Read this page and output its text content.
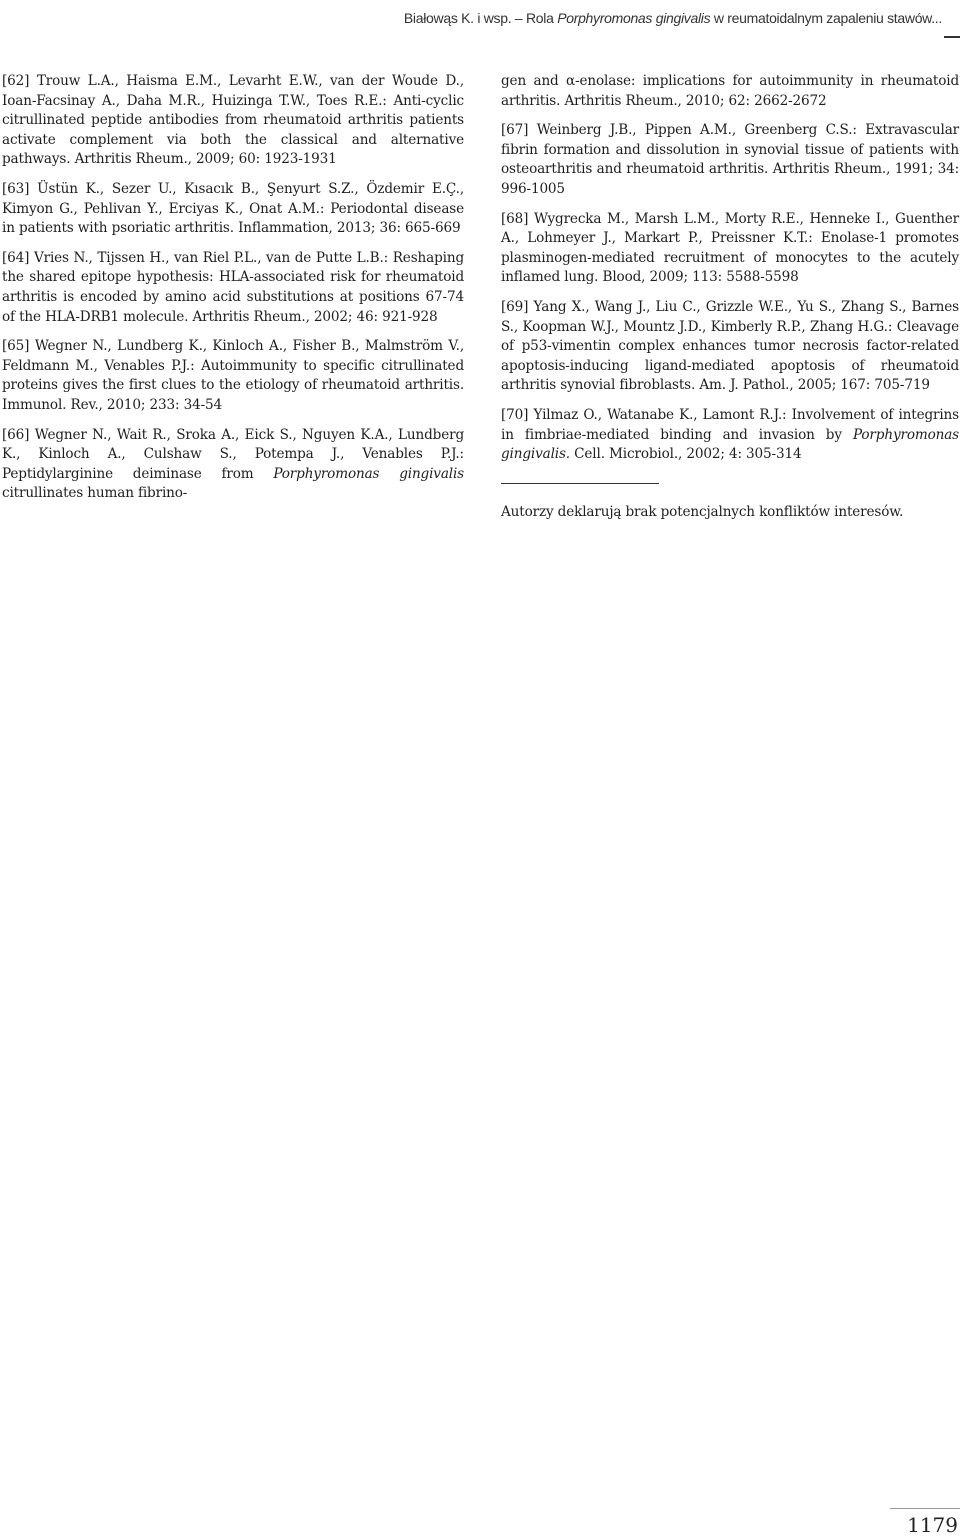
Białowąs K. i wsp.
–
Rola
Porphyromonas gingivalis
w reumatoidalnym zapaleniu stawów...

[62] Trouw L.A., Haisma E.M., Levarht E.W., van der Woude D., Ioan-Facsinay A., Daha M.R., Huizinga T.W., Toes R.E.: Anti-cyclic citrullinated peptide antibodies from rheumatoid arthritis patients activate complement via both the classical and alternative pathways. Arthritis Rheum., 2009; 60: 1923-1931

[63] Üstün K., Sezer U., Kısacık B., Şenyurt S.Z., Özdemir E.Ç., Kimyon G., Pehlivan Y., Erciyas K., Onat A.M.: Periodontal disease in patients with psoriatic arthritis. Inflammation, 2013; 36: 665-669

[64] Vries N., Tijssen H., van Riel P.L., van de Putte L.B.: Reshaping the shared epitope hypothesis: HLA-associated risk for rheumatoid arthritis is encoded by amino acid substitutions at positions 67-74 of the HLA-DRB1 molecule. Arthritis Rheum., 2002; 46: 921-928

[65] Wegner N., Lundberg K., Kinloch A., Fisher B., Malmström V., Feldmann M., Venables P.J.: Autoimmunity to specific citrullinated proteins gives the first clues to the etiology of rheumatoid arthritis. Immunol. Rev., 2010; 233: 34-54

[66] Wegner N., Wait R., Sroka A., Eick S., Nguyen K.A., Lundberg K., Kinloch A., Culshaw S., Potempa J., Venables P.J.: Peptidylarginine deiminase from Porphyromonas gingivalis citrullinates human fibrino-

gen and α-enolase: implications for autoimmunity in rheumatoid arthritis. Arthritis Rheum., 2010; 62: 2662-2672

[67] Weinberg J.B., Pippen A.M., Greenberg C.S.: Extravascular fibrin formation and dissolution in synovial tissue of patients with osteoarthritis and rheumatoid arthritis. Arthritis Rheum., 1991; 34: 996-1005

[68] Wygrecka M., Marsh L.M., Morty R.E., Henneke I., Guenther A., Lohmeyer J., Markart P., Preissner K.T.: Enolase-1 promotes plasminogen-mediated recruitment of monocytes to the acutely inflamed lung. Blood, 2009; 113: 5588-5598

[69] Yang X., Wang J., Liu C., Grizzle W.E., Yu S., Zhang S., Barnes S., Koopman W.J., Mountz J.D., Kimberly R.P., Zhang H.G.: Cleavage of p53-vimentin complex enhances tumor necrosis factor-related apoptosis-inducing ligand-mediated apoptosis of rheumatoid arthritis synovial fibroblasts. Am. J. Pathol., 2005; 167: 705-719

[70] Yilmaz O., Watanabe K., Lamont R.J.: Involvement of integrins in fimbriae-mediated binding and invasion by Porphyromonas gingivalis. Cell. Microbiol., 2002; 4: 305-314

Autorzy deklarują brak potencjalnych konfliktów interesów.

1179
